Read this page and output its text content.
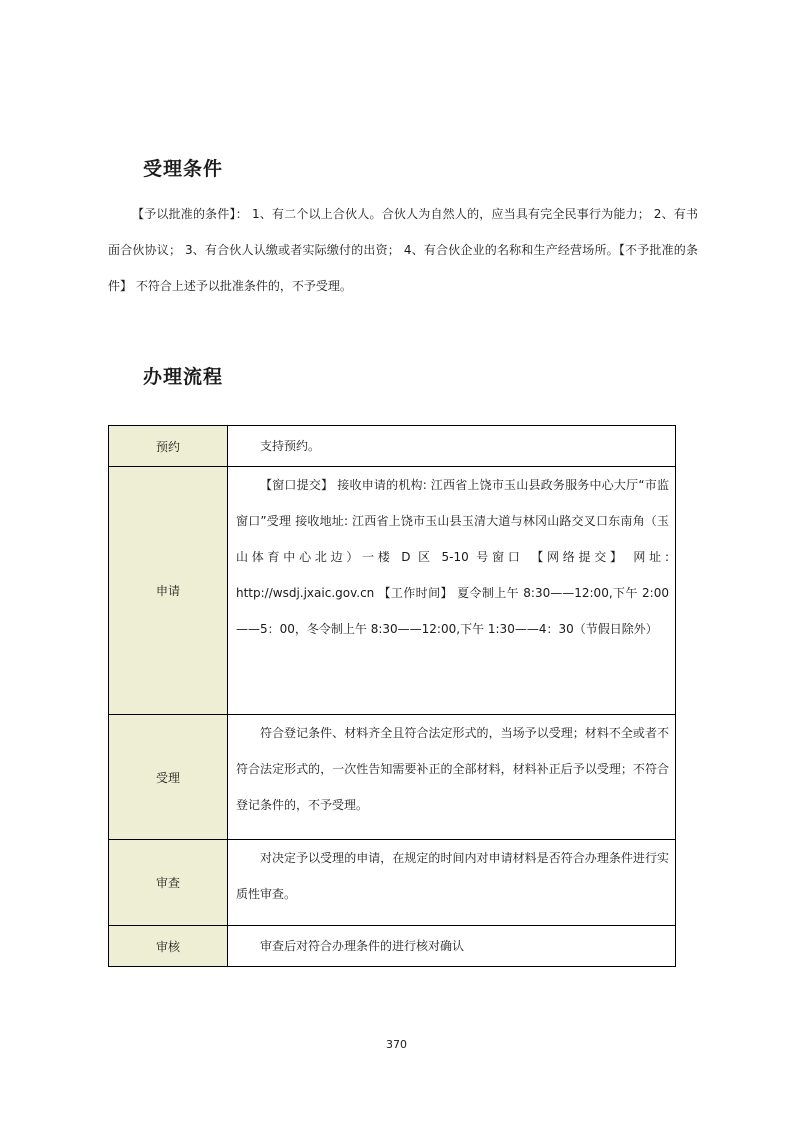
受理条件

【予以批准的条件】： 1、有二个以上合伙人。合伙人为自然人的，应当具有完全民事行为能力； 2、有书面合伙协议； 3、有合伙人认缴或者实际缴付的出资； 4、有合伙企业的名称和生产经营场所。【不予批准的条件】 不符合上述予以批准条件的，不予受理。

办理流程
预约	支持预约。

申请	【窗口提交】 接收申请的机构: 江西省上饶市玉山县政务服务中心大厅“市监窗口”受理 接收地址: 江西省上饶市玉山县玉清大道与林冈山路交叉口东南角（玉山体育中心北边）一楼 D 区 5-10 号窗口 【网络提交】 网址: http://wsdj.jxaic.gov.cn 【工作时间】 夏令制上午 8:30——12:00,下午 2:00——5：00，冬令制上午 8:30——12:00,下午 1:30——4：30（节假日除外）

受理	符合登记条件、材料齐全且符合法定形式的，当场予以受理；材料不全或者不符合法定形式的，一次性告知需要补正的全部材料，材料补正后予以受理；不符合登记条件的，不予受理。

审查	对决定予以受理的申请，在规定的时间内对申请材料是否符合办理条件进行实质性审查。

审核	审查后对符合办理条件的进行核对确认

370
